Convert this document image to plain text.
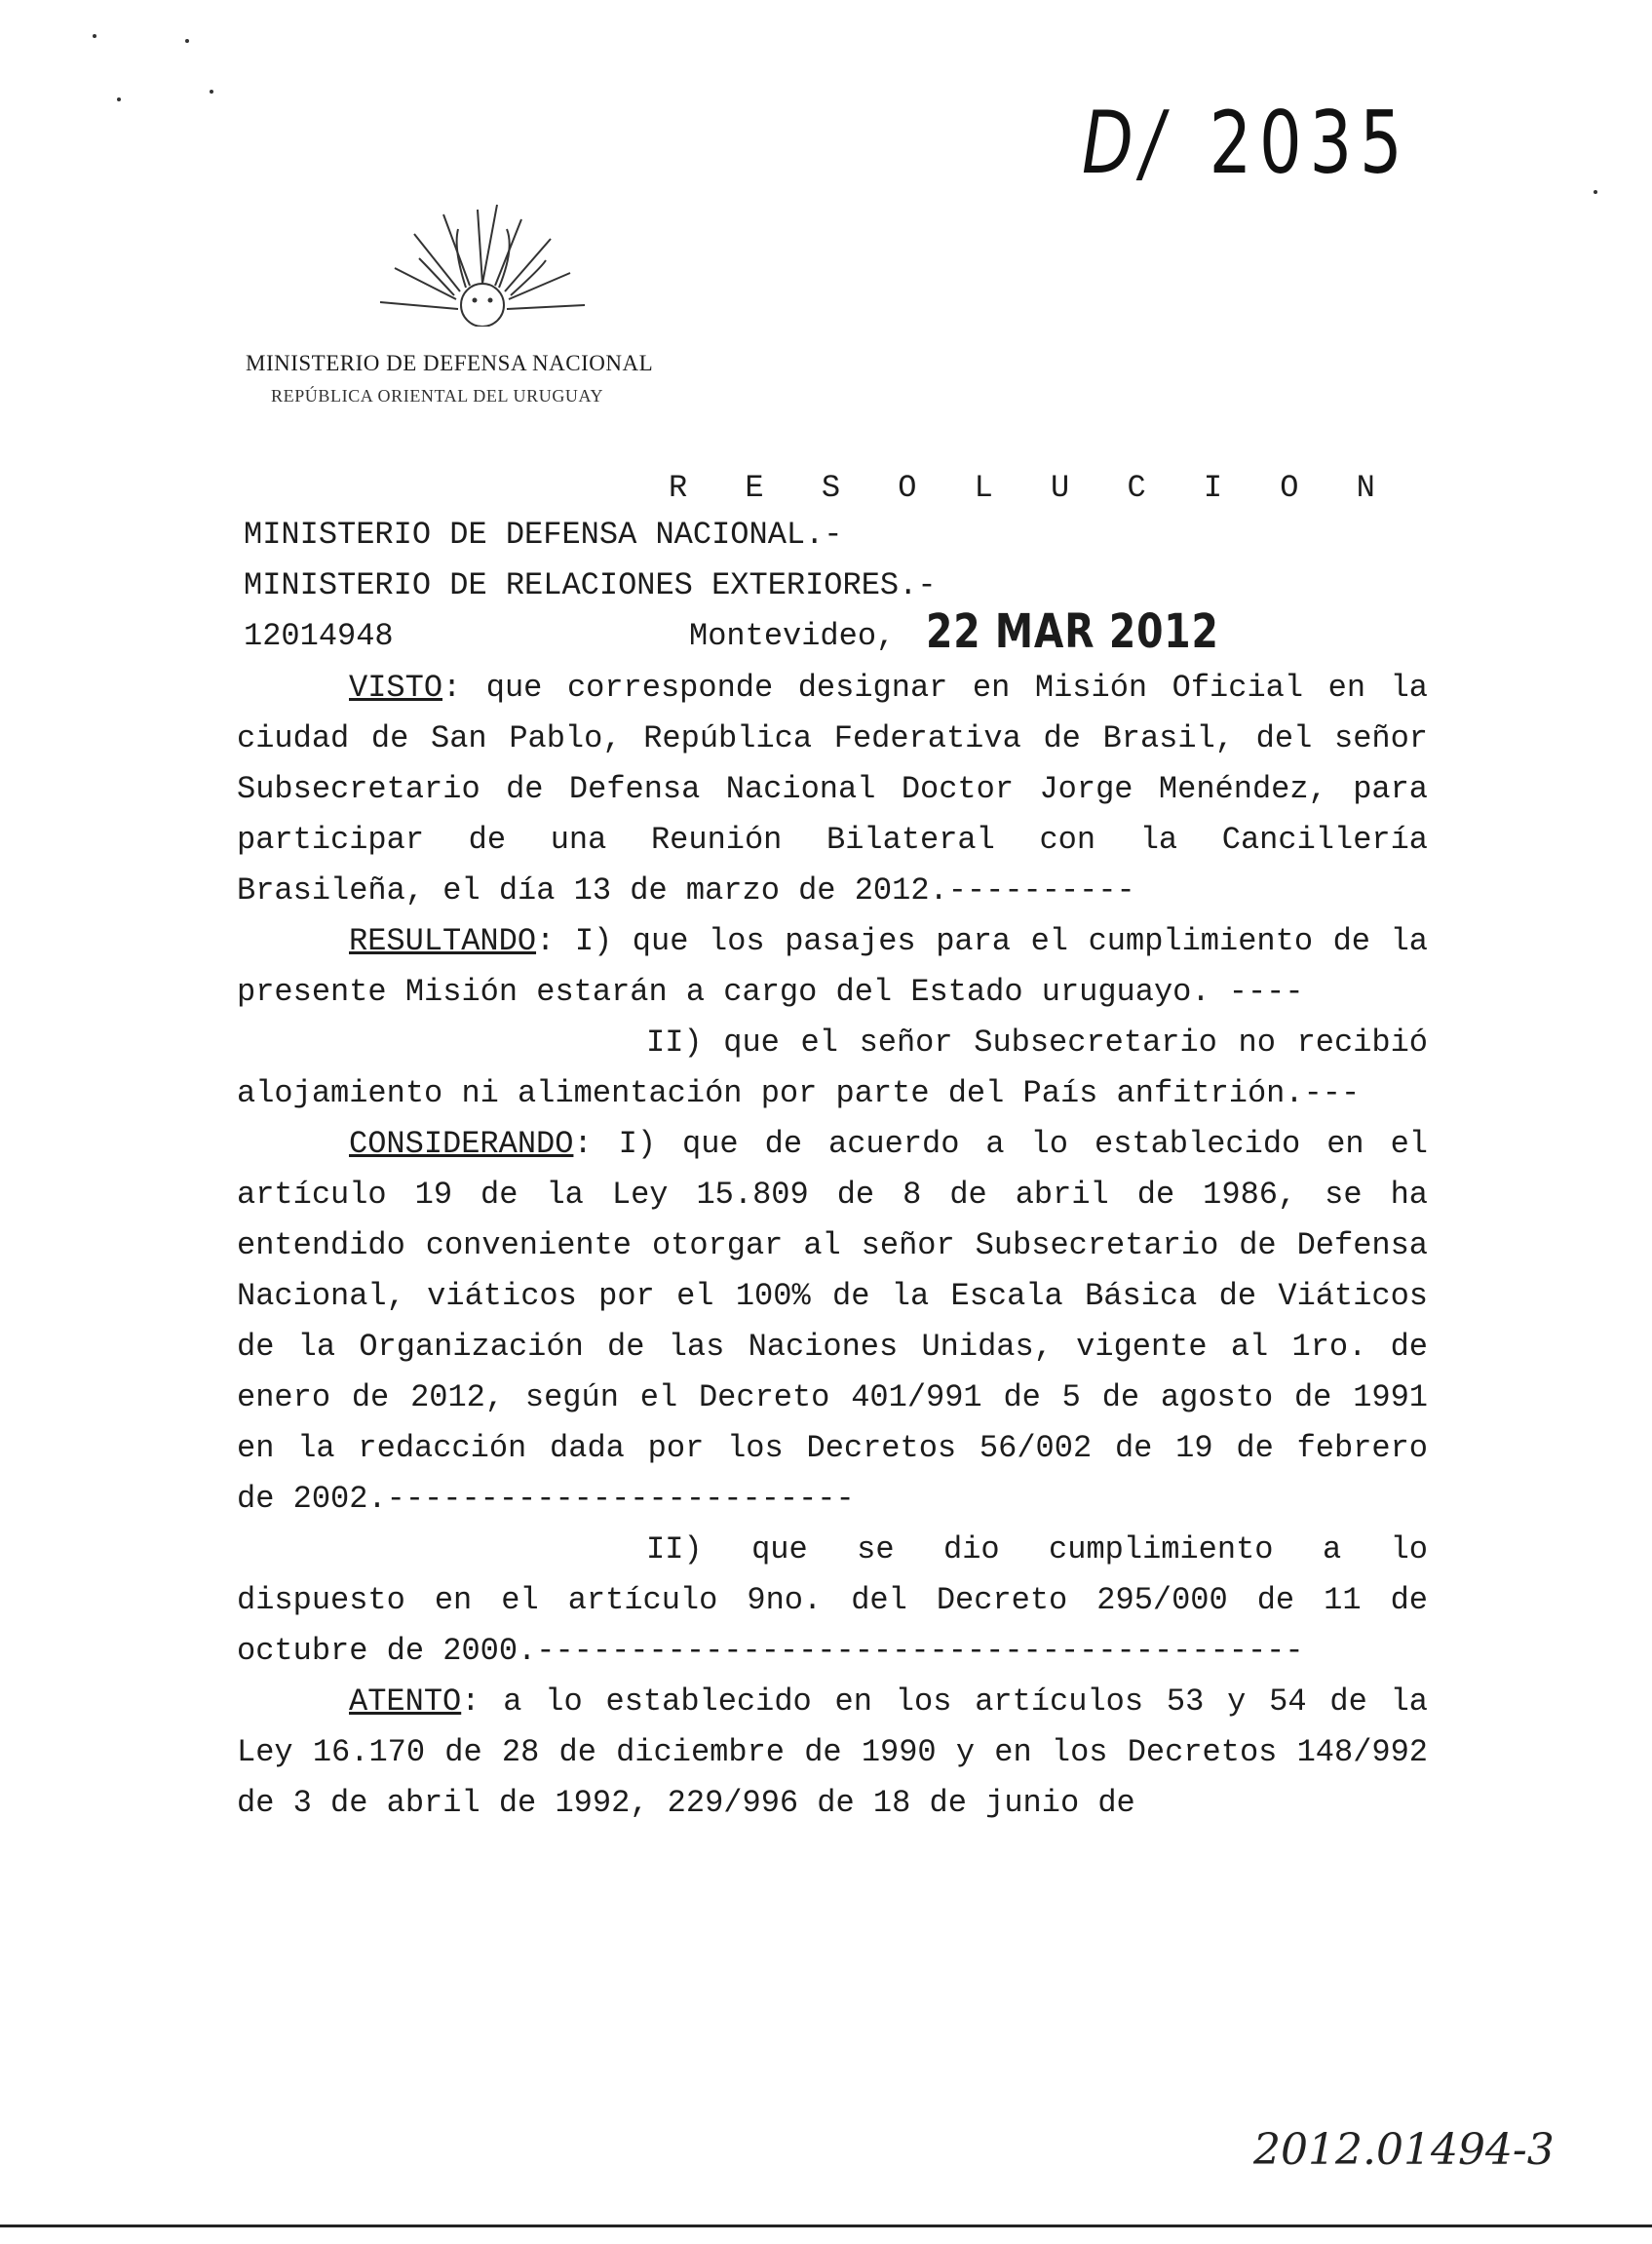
D/ 2035
MINISTERIO DE DEFENSA NACIONAL
REPÚBLICA ORIENTAL DEL URUGUAY
R E S O L U C I O N
MINISTERIO DE DEFENSA NACIONAL.-
MINISTERIO DE RELACIONES EXTERIORES.-
12014948	Montevideo, 22 MAR 2012

VISTO: que corresponde designar en Misión Oficial en la ciudad de San Pablo, República Federativa de Brasil, del señor Subsecretario de Defensa Nacional Doctor Jorge Menéndez, para participar de una Reunión Bilateral con la Cancillería Brasileña, el día 13 de marzo de 2012.----------

RESULTANDO: I) que los pasajes para el cumplimiento de la presente Misión estarán a cargo del Estado uruguayo. ----

II) que el señor Subsecretario no recibió alojamiento ni alimentación por parte del País anfitrión.---

CONSIDERANDO: I) que de acuerdo a lo establecido en el artículo 19 de la Ley 15.809 de 8 de abril de 1986, se ha entendido conveniente otorgar al señor Subsecretario de Defensa Nacional, viáticos por el 100% de la Escala Básica de Viáticos de la Organización de las Naciones Unidas, vigente al 1ro. de enero de 2012, según el Decreto 401/991 de 5 de agosto de 1991 en la redacción dada por los Decretos 56/002 de 19 de febrero de 2002.-------------------------

II) que se dio cumplimiento a lo dispuesto en el artículo 9no. del Decreto 295/000 de 11 de octubre de 2000.-----------------------------------------

ATENTO: a lo establecido en los artículos 53 y 54 de la Ley 16.170 de 28 de diciembre de 1990 y en los Decretos 148/992 de 3 de abril de 1992, 229/996 de 18 de junio de

2012.01494-3
